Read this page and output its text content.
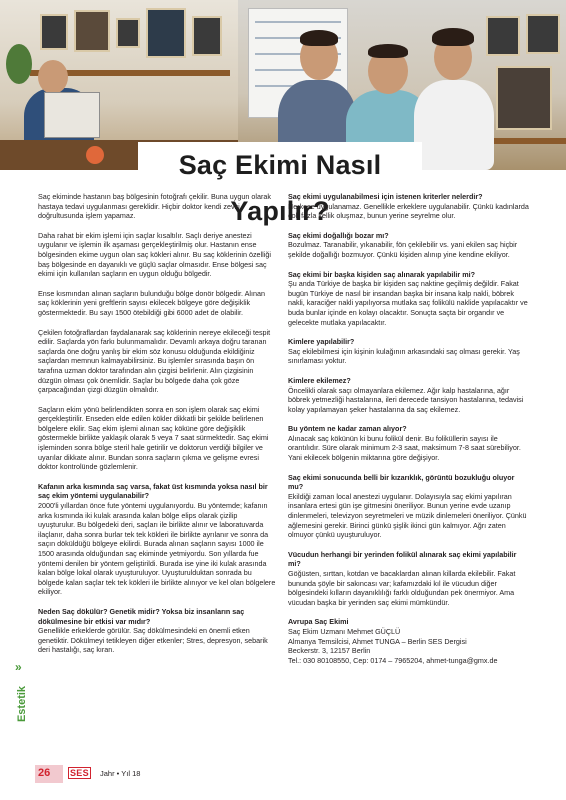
Saç Ekimi Nasıl Yapılır?

Saç ekiminde hastanın baş bölgesinin fotoğrafı çekilir. Buna uygun olarak hastaya tedavi uygulanması gereklidir. Hiçbir doktor kendi zevki doğrultusunda işlem yapamaz.

Daha rahat bir ekim işlemi için saçlar kısaltılır. Saçlı deriye anestezi uygulanır ve işlemin ilk aşaması gerçekleştirilmiş olur. Hastanın ense bölgesinden ekime uygun olan saç kökleri alınır. Bu saç köklerinin özelliği baş bölgesinde en dayanıklı ve güçlü saçlar olmasıdır. Ense bölgesi saç ekimi için kullanılan saçların en uygun olduğu bölgedir.

Ense kısmından alınan saçların bulunduğu bölge donör bölgedir. Alınan saç köklerinin yeni greftlerin sayısı ekilecek bölgeye göre değişiklik göstermektedir. Bu sayı 1500 ötebildiği gibi 6000 adet de olabilir.

Çekilen fotoğraflardan faydalanarak saç köklerinin nereye ekileceği tespit edilir. Saçlarda yön farkı bulunmamalıdır. Devamlı arkaya doğru taranan saçlarda öne doğru yanlış bir ekim söz konusu olduğunda ekildiğiniz saçlardan memnun kalmayabilirsiniz. Bu işlemler sırasında başın ön tarafına uzman doktor tarafından alın çizgisi belirlenir. Alın çizgisinin düzgün olması çok önemlidir. Saçlar bu bölgede daha çok göze çarpacağından çizgi düzgün olmalıdır.

Saçların ekim yönü belirlendikten sonra en son işlem olarak saç ekimi gerçekleştirilir. Enseden elde edilen kökler dikkatli bir şekilde belirlenen bölgelere ekilir. Saç ekim işlemi alınan saç köküne göre değişiklik göstermekle birlikte yaklaşık olarak 5 veya 7 saat sürmektedir. Saç ekimi işleminden sonra bölge steril hale getirilir ve doktorun verdiği bilgiler ve uyarılar dikkate alınır. Bundan sonra saçların çıkma ve gelişme evresi doktor kontrolünde gözlemlenir.

Kafanın arka kısmında saç varsa, fakat üst kısmında yoksa nasıl bir saç ekim yöntemi uygulanabilir?
2000'li yıllardan önce fute yöntemi uygulanıyordu. Bu yöntemde; kafanın arka kısmında iki kulak arasında kalan bölge elips olarak çizilip uyuşturulur. Bu bölgedeki deri, saçları ile birlikte alınır ve laboratuvarda ilaçlanır, daha sonra burlar tek tek kökleri ile birlikte ayrılanır ve sonra da saçın döküldüğü bölgeye ekilirdi. Burada alınan saçların sayısı 1000 ile 1500 arasında olduğundan saç ekiminde yetmiyordu. Son yıllarda fue yöntemi denilen bir yöntem geliştirildi. Burada ise yine iki kulak arasında kalan bölge lokal olarak uyuşturuluyor. Uyuşturulduktan sonrada bu bölgede kalan saçlar tek tek kökleri ile birlikte alınıyor ve kel olan bölgelere ekiliyor.
Neden Saç dökülür? Genetik midir? Yoksa biz insanların saç dökülmesine bir etkisi var mıdır?
Genellikle erkeklerde görülür. Saç dökülmesindeki en önemli etken genetiktir. Dökülmeyi tetikleyen diğer etkenler; Stres, depresyon, sebarik deri hastalığı, saç kıran.
Saç ekimi uygulanabilmesi için istenen kriterler nelerdir?
Herkese uygulanamaz. Genellikle erkeklere uygulanabilir. Çünkü kadınlarda çok fazla kellik oluşmaz, bunun yerine seyrelme olur.
Saç ekimi doğallığı bozar mı?
Bozulmaz. Taranabilir, yıkanabilir, fön çekilebilir vs. yani ekilen saç hiçbir şekilde doğallığı bozmuyor. Çünkü kişiden alınıp yine kendine ekiliyor.
Saç ekimi bir başka kişiden saç alınarak yapılabilir mi?
Şu anda Türkiye de başka bir kişiden saç naktine geçilmiş değildir. Fakat bugün Türkiye de nasıl bir insandan başka bir insana kalp nakli, böbrek nakli, karaciğer nakli yapılıyorsa mutlaka saç folikülü naklide yapılacaktır ve buda bunlar içinde en kolayı olacaktır. Sonuçta saçta bir organdır ve gelecekte mutlaka yapılacaktır.
Kimlere yapılabilir?
Saç ekilebilmesi için kişinin kulağının arkasındaki saç olması gerekir. Yaş sınırlaması yoktur.
Kimlere ekilemez?
Öncelikli olarak saçı olmayanlara ekilemez. Ağır kalp hastalarına, ağır böbrek yetmezliği hastalarına, ileri derecede tansiyon hastalarına, tedavisi kolay yapılamayan şeker hastalarına da saç ekilemez.
Bu yöntem ne kadar zaman alıyor?
Alınacak saç kökünün ki bunu folikül denir. Bu foliküllerin sayısı ile orantılıdır. Süre olarak minimum 2-3 saat, maksimum 7-8 saat sürebiliyor. Yani ekilecek bölgenin miktarına göre değişiyor.
Saç ekimi sonucunda belli bir kızarıklık, görüntü bozukluğu oluyor mu?
Ekildiği zaman local anestezi uygulanır. Dolayısıyla saç ekimi yapılıran insanlara ertesi gün işe gitmesini öneriliyor. Bunun yerine evde uzanıp dinlenmeleri, televizyon seyretmeleri ve müzik dinlemeleri öneriliyor. Çünkü ağlemesini gerekir. Birinci günkü şişlik ikinci gün kalmıyor. Ağrı zaten olmuyor çünkü uyuşturuluyor.
Vücudun herhangi bir yerinden folikül alınarak saç ekimi yapılabilir mi?
Göğüsten, sırttan, kotdan ve bacaklardan alınan killarda ekilebilir. Fakat bununda şöyle bir sakıncası var; kafamızdaki kıl ile vücudun diğer bölgesindeki kılların dayanıklılığı farklı olduğundan pek önermiyor. Ama vücudan başka bir yerinden saç ekimi mümkündür.
Avrupa Saç Ekimi
Saç Ekim Uzmanı Mehmet GÜÇLÜ
Almanya Temsilcisi, Ahmet TUNGA – Berlin SES Dergisi
Beckerstr. 3, 12157 Berlin
Tel.: 030 80108550, Cep: 0174 – 7965204, ahmet-tunga@gmx.de
»
Estetik
26 SES Jahr • Yıl 18
